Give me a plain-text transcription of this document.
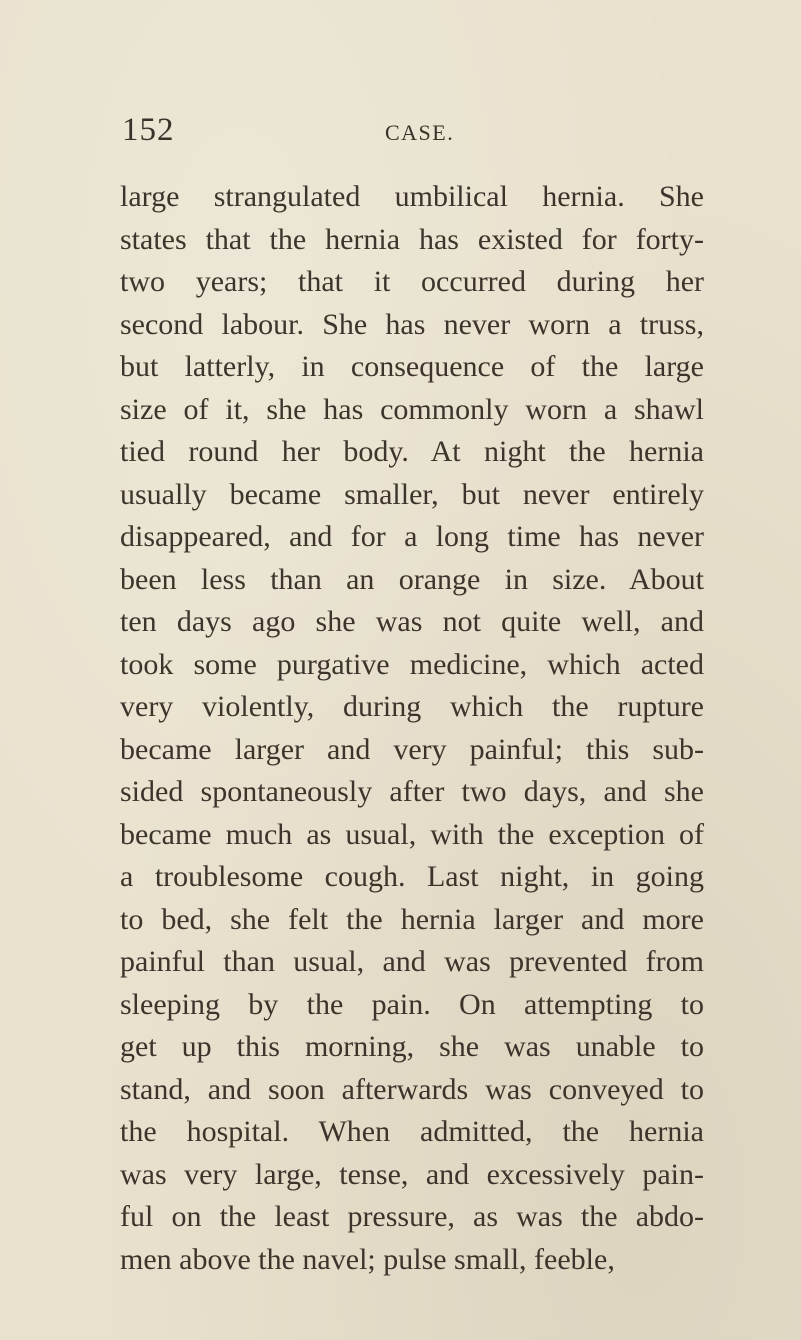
152	CASE.
large strangulated umbilical hernia. She
states that the hernia has existed for forty-
two years; that it occurred during her
second labour. She has never worn a truss,
but latterly, in consequence of the large
size of it, she has commonly worn a shawl
tied round her body. At night the hernia
usually became smaller, but never entirely
disappeared, and for a long time has never
been less than an orange in size. About
ten days ago she was not quite well, and
took some purgative medicine, which acted
very violently, during which the rupture
became larger and very painful; this sub-
sided spontaneously after two days, and she
became much as usual, with the exception of
a troublesome cough. Last night, in going
to bed, she felt the hernia larger and more
painful than usual, and was prevented from
sleeping by the pain. On attempting to
get up this morning, she was unable to
stand, and soon afterwards was conveyed to
the hospital. When admitted, the hernia
was very large, tense, and excessively pain-
ful on the least pressure, as was the abdo-
men above the navel; pulse small, feeble,
